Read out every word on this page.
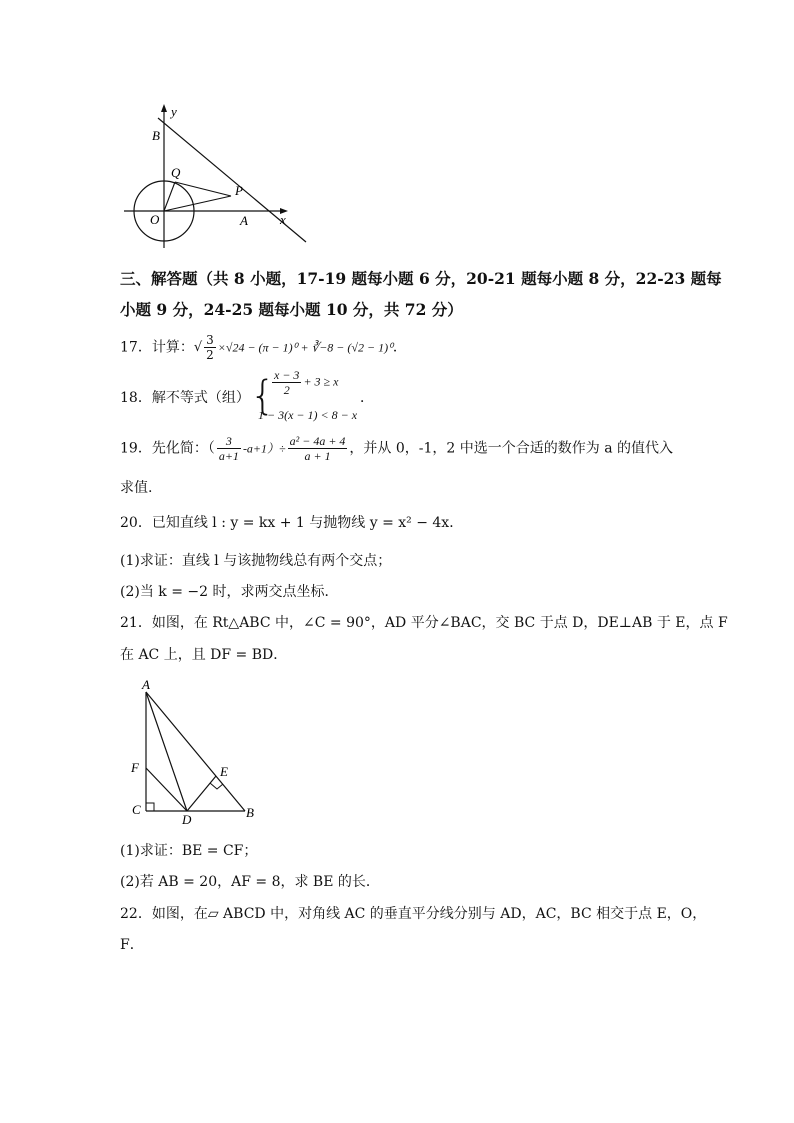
y
B
Q
P
O	A x
三、解答题（共 8 小题，17-19 题每小题 6 分，20-21 题每小题 8 分，22-23 题每
小题 9 分，24-25 题每小题 10 分，共 72 分）
17．计算：√ $\frac{3}{2} \times√24 - (\pi - 1)^0$ + ∛−8 − (√2 − 1)⁰．
18．解不等式（组） {
$\frac{x - 3}{2} + 3 \ge x$
1 − 3(x − 1) < 8 − x
．
19．先化简：（ $\frac{3}{a+1} -a+1)\div \frac{\text{a² − 4a + 4}}{a + 1}$ ，并从 0，-1，2 中选一个合适的数作为 a 的值代入
求值.
20．已知直线 l : y = kx + 1 与抛物线 y = x² − 4x．
(1)求证：直线 l 与该抛物线总有两个交点；
(2)当 k = −2 时，求两交点坐标．
21．如图，在 Rt△ABC 中，∠C = 90°，AD 平分∠BAC，交 BC 于点 D，DE⊥AB 于 E，点 F
在 AC 上，且 DF = BD．
A
F	E
C
D	B
(1)求证：BE = CF；
(2)若 AB = 20，AF = 8，求 BE 的长．
22．如图，在▱ ABCD 中，对角线 AC 的垂直平分线分别与 AD，AC，BC 相交于点 E，O，
F．
